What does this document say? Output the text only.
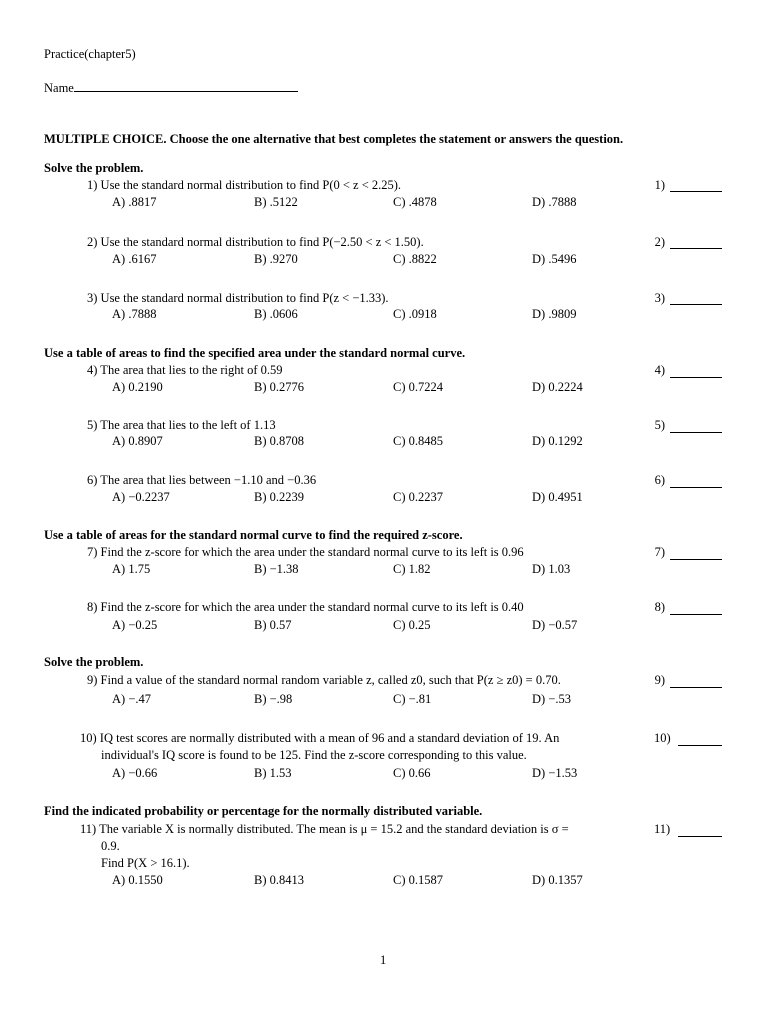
Practice(chapter5)
Name
MULTIPLE CHOICE. Choose the one alternative that best completes the statement or answers the question.
Solve the problem.
1) Use the standard normal distribution to find P(0 < z < 2.25).	1)
A) .8817	B) .5122	C) .4878	D) .7888
2) Use the standard normal distribution to find P(−2.50 < z < 1.50).	2)
A) .6167	B) .9270	C) .8822	D) .5496
3) Use the standard normal distribution to find P(z < −1.33).	3)
A) .7888	B) .0606	C) .0918	D) .9809
Use a table of areas to find the specified area under the standard normal curve.
4) The area that lies to the right of 0.59	4)
A) 0.2190	B) 0.2776	C) 0.7224	D) 0.2224
5) The area that lies to the left of 1.13	5)
A) 0.8907	B) 0.8708	C) 0.8485	D) 0.1292
6) The area that lies between −1.10 and −0.36	6)
A) −0.2237	B) 0.2239	C) 0.2237	D) 0.4951
Use a table of areas for the standard normal curve to find the required z-score.
7) Find the z-score for which the area under the standard normal curve to its left is 0.96	7)
A) 1.75	B) −1.38	C) 1.82	D) 1.03
8) Find the z-score for which the area under the standard normal curve to its left is 0.40	8)
A) −0.25	B) 0.57	C) 0.25	D) −0.57
Solve the problem.
9) Find a value of the standard normal random variable z, called z0, such that P(z ≥ z0) = 0.70.	9)
A) −.47	B) −.98	C) −.81	D) −.53
10) IQ test scores are normally distributed with a mean of 96 and a standard deviation of 19. An
individual's IQ score is found to be 125. Find the z-score corresponding to this value.
10)
A) −0.66	B) 1.53	C) 0.66	D) −1.53
Find the indicated probability or percentage for the normally distributed variable.
11) The variable X is normally distributed. The mean is μ = 15.2 and the standard deviation is σ =
0.9.
Find P(X > 16.1).
11)
A) 0.1550	B) 0.8413	C) 0.1587	D) 0.1357
1
